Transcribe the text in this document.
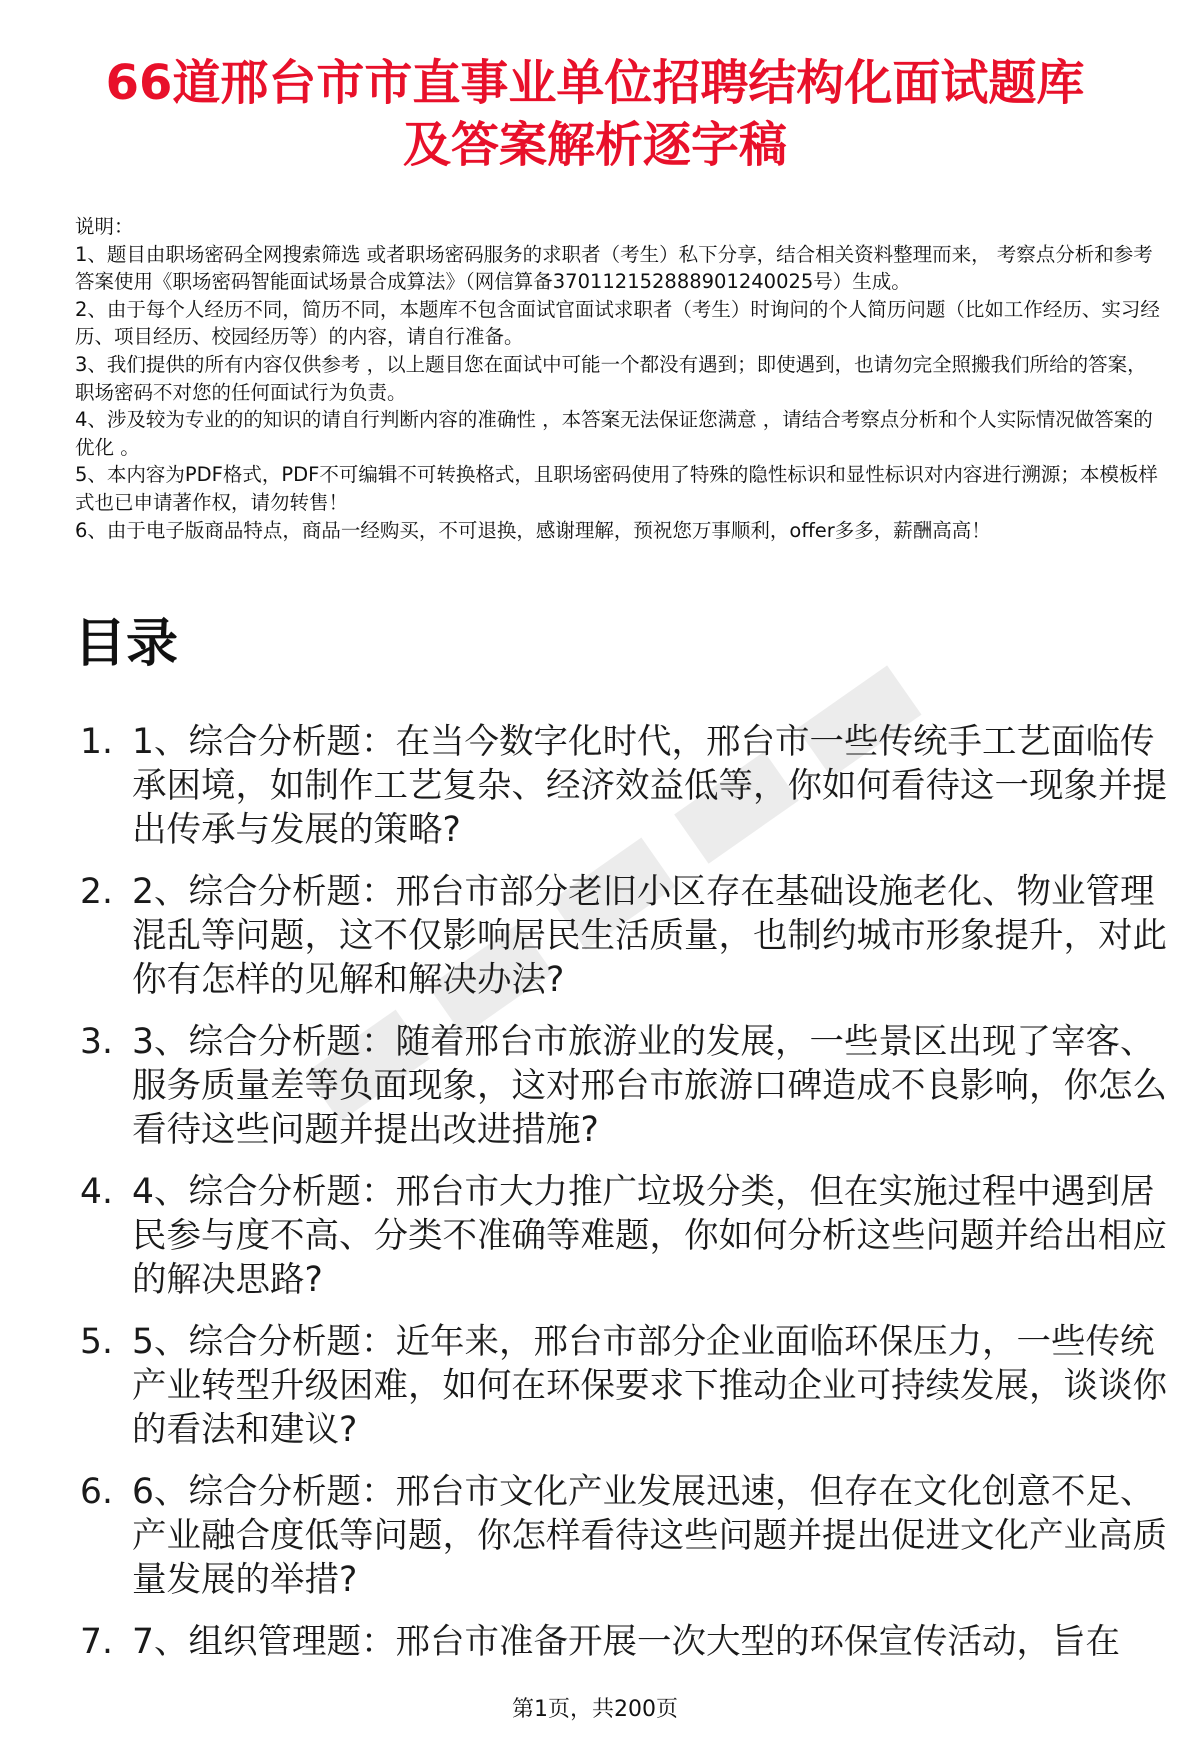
66道邢台市市直事业单位招聘结构化面试题库
及答案解析逐字稿

说明：

1、题目由职场密码全网搜索筛选 或者职场密码服务的求职者（考生）私下分享，结合相关资料整理而来， 考察点分析和参考答案使用《职场密码智能面试场景合成算法》（网信算备370112152888901240025号）生成。

2、由于每个人经历不同，简历不同，本题库不包含面试官面试求职者（考生）时询问的个人简历问题（比如工作经历、实习经历、项目经历、校园经历等）的内容，请自行准备。

3、我们提供的所有内容仅供参考 ，以上题目您在面试中可能一个都没有遇到；即使遇到，也请勿完全照搬我们所给的答案，职场密码不对您的任何面试行为负责。

4、涉及较为专业的的知识的请自行判断内容的准确性 ，本答案无法保证您满意 ，请结合考察点分析和个人实际情况做答案的优化 。

5、本内容为PDF格式，PDF不可编辑不可转换格式，且职场密码使用了特殊的隐性标识和显性标识对内容进行溯源；本模板样式也已申请著作权，请勿转售！

6、由于电子版商品特点，商品一经购买，不可退换，感谢理解，预祝您万事顺利，offer多多，薪酬高高！

目录
1. 1、综合分析题：在当今数字化时代，邢台市一些传统手工艺面临传承困境，如制作工艺复杂、经济效益低等，你如何看待这一现象并提出传承与发展的策略?
2. 2、综合分析题：邢台市部分老旧小区存在基础设施老化、物业管理混乱等问题，这不仅影响居民生活质量，也制约城市形象提升，对此你有怎样的见解和解决办法?
3. 3、综合分析题：随着邢台市旅游业的发展，一些景区出现了宰客、服务质量差等负面现象，这对邢台市旅游口碑造成不良影响，你怎么看待这些问题并提出改进措施?
4. 4、综合分析题：邢台市大力推广垃圾分类，但在实施过程中遇到居民参与度不高、分类不准确等难题，你如何分析这些问题并给出相应的解决思路?
5. 5、综合分析题：近年来，邢台市部分企业面临环保压力，一些传统产业转型升级困难，如何在环保要求下推动企业可持续发展，谈谈你的看法和建议?
6. 6、综合分析题：邢台市文化产业发展迅速，但存在文化创意不足、产业融合度低等问题，你怎样看待这些问题并提出促进文化产业高质量发展的举措?
7. 7、组织管理题：邢台市准备开展一次大型的环保宣传活动，旨在
第1页，共200页
